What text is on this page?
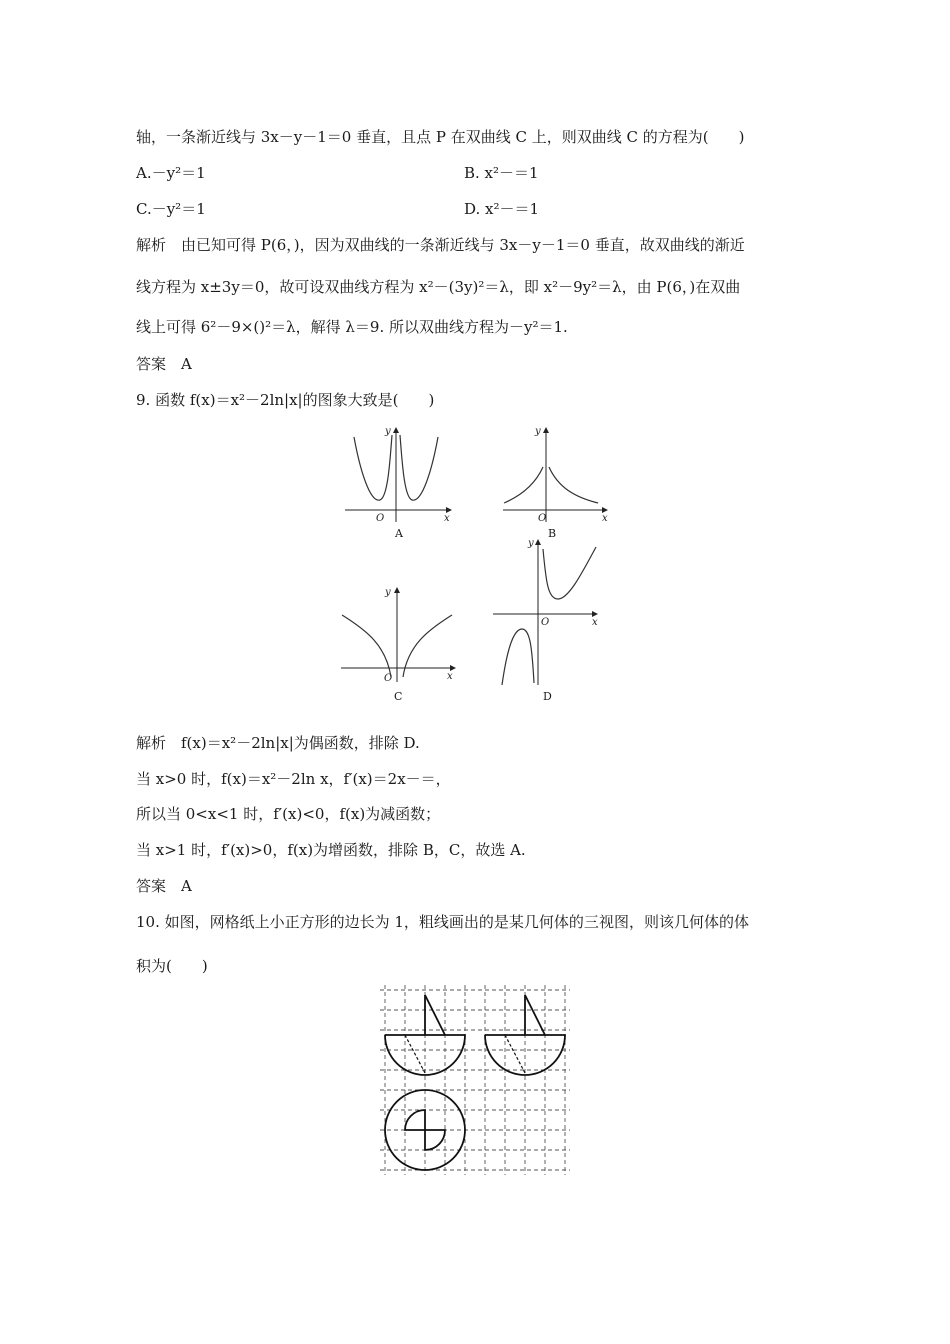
轴，一条渐近线与 3x－y－1＝0 垂直，且点 P 在双曲线 C 上，则双曲线 C 的方程为(　　)
A.－y²＝1	B. x²－＝1
C.－y²＝1	D. x²－＝1
解析　由已知可得 P(6，)，因为双曲线的一条渐近线与 3x－y－1＝0 垂直，故双曲线的渐近
线方程为 x±3y＝0，故可设双曲线方程为 x²－(3y)²＝λ，即 x²－9y²＝λ，由 P(6，)在双曲
线上可得 6²－9×()²＝λ，解得 λ＝9. 所以双曲线方程为－y²＝1.
答案　A
9. 函数 f(x)＝x²－2ln|x|的图象大致是(　　)
y
x
O
A
y
x
O
B
y
x
O
C
y
x
O
D
解析　f(x)＝x²－2ln|x|为偶函数，排除 D.
当 x>0 时，f(x)＝x²－2ln x，f′(x)＝2x－＝，
所以当 0<x<1 时，f′(x)<0，f(x)为减函数；
当 x>1 时，f′(x)>0，f(x)为增函数，排除 B，C，故选 A.
答案　A
10. 如图，网格纸上小正方形的边长为 1，粗线画出的是某几何体的三视图，则该几何体的体
积为(　　)
